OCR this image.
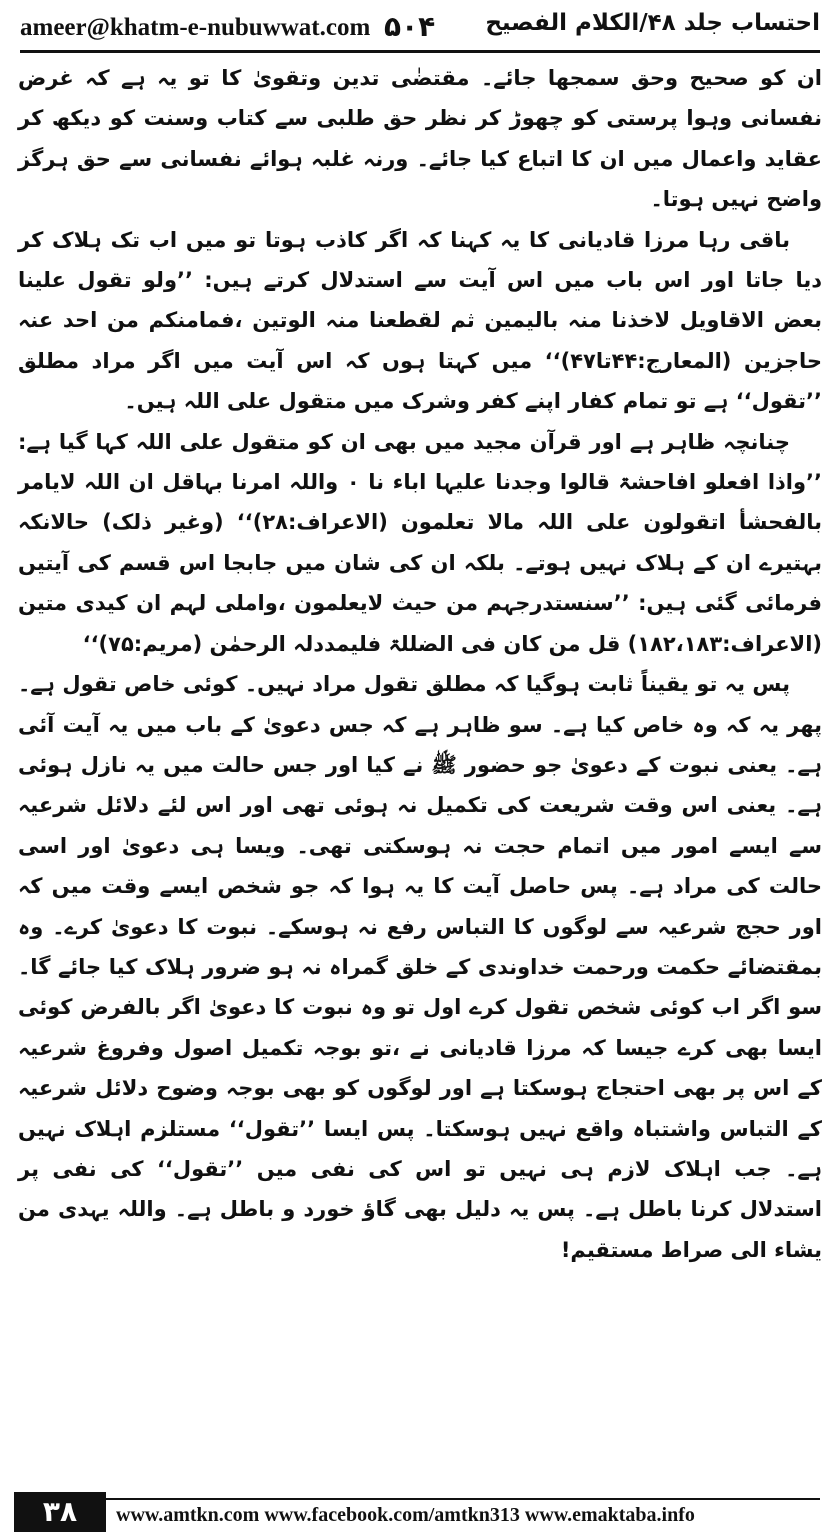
ameer@khatm-e-nubuwwat.com ۵۰۴ احتساب جلد ۴۸/الکلام الفصیح

ان کو صحیح وحق سمجھا جائے۔ مقتضٰی تدین وتقویٰ کا تو یہ ہے کہ غرض نفسانی وہوا پرستی کو چھوڑ کر نظر حق طلبی سے کتاب وسنت کو دیکھ کر عقاید واعمال میں ان کا اتباع کیا جائے۔ ورنہ غلبہ ہوائے نفسانی سے حق ہرگز واضح نہیں ہوتا۔

باقی رہا مرزا قادیانی کا یہ کہنا کہ اگر کاذب ہوتا تو میں اب تک ہلاک کر دیا جاتا اور اس باب میں اس آیت سے استدلال کرتے ہیں: ’’ولو تقول علینا بعض الاقاویل لاخذنا منہ بالیمین ثم لقطعنا منہ الوتین ،فمامنکم من احد عنہ حاجزین (المعارج:۴۴تا۴۷)‘‘ میں کہتا ہوں کہ اس آیت میں اگر مراد مطلق ’’تقول‘‘ ہے تو تمام کفار اپنے کفر وشرک میں متقول علی اللہ ہیں۔

چنانچہ ظاہر ہے اور قرآن مجید میں بھی ان کو متقول علی اللہ کہا گیا ہے: ’’واذا افعلو افاحشۃ قالوا وجدنا علیہا اباء نا ۰ واللہ امرنا بہاقل ان اللہ لایامر بالفحشأ اتقولون علی اللہ مالا تعلمون (الاعراف:۲۸)‘‘ (وغیر ذلک) حالانکہ بہتیرے ان کے ہلاک نہیں ہوتے۔ بلکہ ان کی شان میں جابجا اس قسم کی آیتیں فرمائی گئی ہیں: ’’سنستدرجہم من حیث لایعلمون ،واملی لہم ان کیدی متین (الاعراف:۱۸۲،۱۸۳) قل من کان فی الضللۃ فلیمددلہ الرحمٰن (مریم:۷۵)‘‘

پس یہ تو یقیناً ثابت ہوگیا کہ مطلق تقول مراد نہیں۔ کوئی خاص تقول ہے۔ پھر یہ کہ وہ خاص کیا ہے۔ سو ظاہر ہے کہ جس دعویٰ کے باب میں یہ آیت آئی ہے۔ یعنی نبوت کے دعویٰ جو حضور ﷺ نے کیا اور جس حالت میں یہ نازل ہوئی ہے۔ یعنی اس وقت شریعت کی تکمیل نہ ہوئی تھی اور اس لئے دلائل شرعیہ سے ایسے امور میں اتمام حجت نہ ہوسکتی تھی۔ ویسا ہی دعویٰ اور اسی حالت کی مراد ہے۔ پس حاصل آیت کا یہ ہوا کہ جو شخص ایسے وقت میں کہ اور حجج شرعیہ سے لوگوں کا التباس رفع نہ ہوسکے۔ نبوت کا دعویٰ کرے۔ وہ بمقتضائے حکمت ورحمت خداوندی کے خلق گمراہ نہ ہو ضرور ہلاک کیا جائے گا۔ سو اگر اب کوئی شخص تقول کرے اول تو وہ نبوت کا دعویٰ اگر بالفرض کوئی ایسا بھی کرے جیسا کہ مرزا قادیانی نے ،تو بوجہ تکمیل اصول وفروغ شرعیہ کے اس پر بھی احتجاج ہوسکتا ہے اور لوگوں کو بھی بوجہ وضوح دلائل شرعیہ کے التباس واشتباہ واقع نہیں ہوسکتا۔ پس ایسا ’’تقول‘‘ مستلزم اہلاک نہیں ہے۔ جب اہلاک لازم ہی نہیں تو اس کی نفی میں ’’تقول‘‘ کی نفی پر استدلال کرنا باطل ہے۔ پس یہ دلیل بھی گاؤ خورد و باطل ہے۔ واللہ یہدی من یشاء الی صراط مستقیم!

۳۸	www.amtkn.com www.facebook.com/amtkn313 www.emaktaba.info
